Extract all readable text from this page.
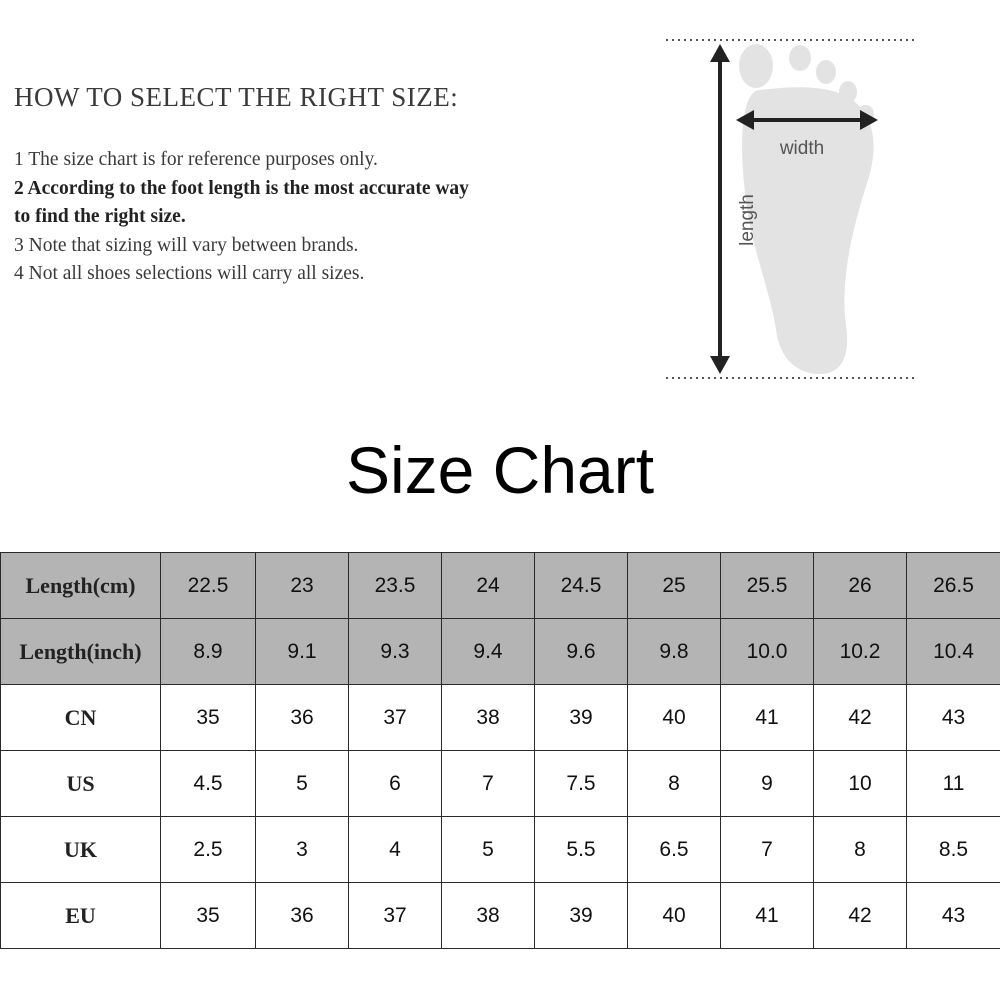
HOW TO SELECT THE RIGHT SIZE:
1 The size chart is for reference purposes only.
2 According to the foot length is the most accurate way to find the right size.
3 Note that sizing will vary between brands.
4 Not all shoes selections will carry all sizes.
width
length
Size Chart
Length(cm)	22.5	23	23.5	24	24.5	25	25.5	26	26.5
Length(inch)	8.9	9.1	9.3	9.4	9.6	9.8	10.0	10.2	10.4
CN	35	36	37	38	39	40	41	42	43
US	4.5	5	6	7	7.5	8	9	10	11
UK	2.5	3	4	5	5.5	6.5	7	8	8.5
EU	35	36	37	38	39	40	41	42	43
